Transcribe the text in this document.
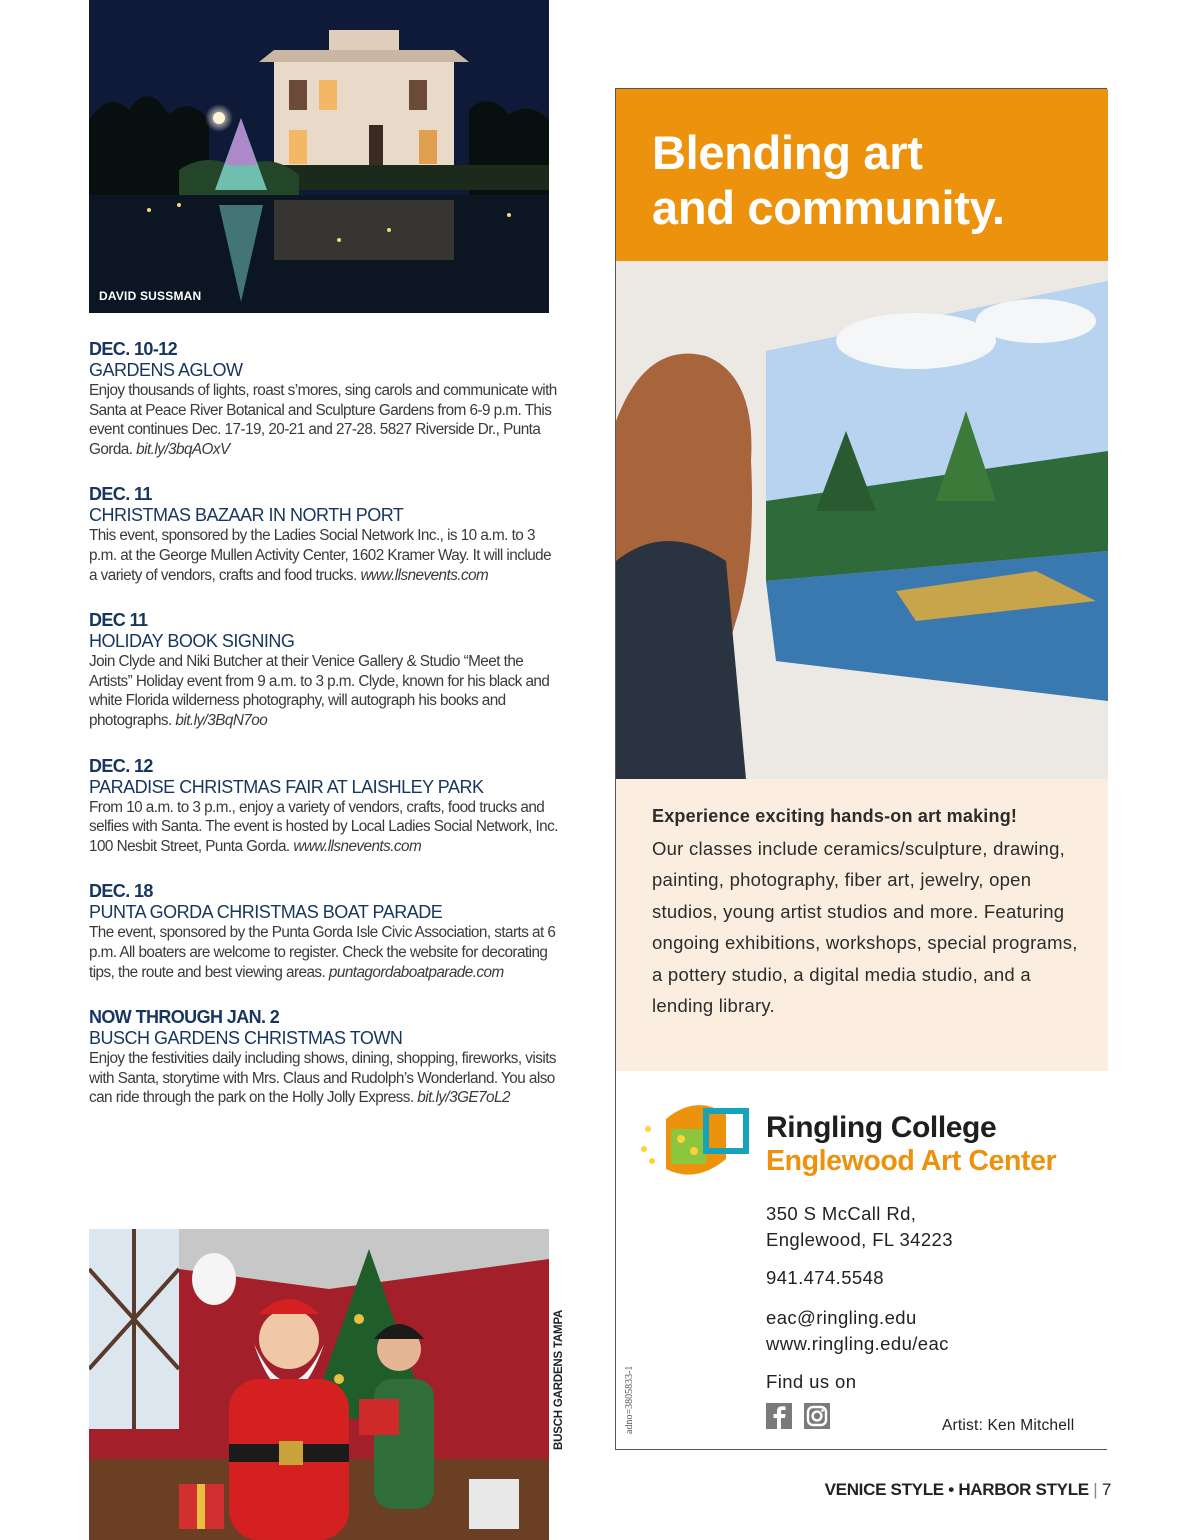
DAVID SUSSMAN
DEC. 10-12
GARDENS AGLOW
Enjoy thousands of lights, roast s’mores, sing carols and communicate with Santa at Peace River Botanical and Sculpture Gardens from 6-9 p.m. This event continues Dec. 17-19, 20-21 and 27-28. 5827 Riverside Dr., Punta Gorda. bit.ly/3bqAOxV
DEC. 11
CHRISTMAS BAZAAR IN NORTH PORT
This event, sponsored by the Ladies Social Network Inc., is 10 a.m. to 3 p.m. at the George Mullen Activity Center, 1602 Kramer Way. It will include a variety of vendors, crafts and food trucks. www.llsnevents.com
DEC 11
HOLIDAY BOOK SIGNING
Join Clyde and Niki Butcher at their Venice Gallery & Studio “Meet the Artists” Holiday event from 9 a.m. to 3 p.m. Clyde, known for his black and white Florida wilderness photography, will autograph his books and photographs. bit.ly/3BqN7oo
DEC. 12
PARADISE CHRISTMAS FAIR AT LAISHLEY PARK
From 10 a.m. to 3 p.m., enjoy a variety of vendors, crafts, food trucks and selfies with Santa. The event is hosted by Local Ladies Social Network, Inc. 100 Nesbit Street, Punta Gorda. www.llsnevents.com
DEC. 18
PUNTA GORDA CHRISTMAS BOAT PARADE
The event, sponsored by the Punta Gorda Isle Civic Association, starts at 6 p.m. All boaters are welcome to register. Check the website for decorating tips, the route and best viewing areas. puntagordaboatparade.com
NOW THROUGH JAN. 2
BUSCH GARDENS CHRISTMAS TOWN
Enjoy the festivities daily including shows, dining, shopping, fireworks, visits with Santa, storytime with Mrs. Claus and Rudolph’s Wonderland. You also can ride through the park on the Holly Jolly Express. bit.ly/3GE7oL2
BUSCH GARDENS TAMPA
Blending art
and community.
Experience exciting hands-on art making!
Our classes include ceramics/sculpture, drawing, painting, photography, fiber art, jewelry, open studios, young artist studios and more. Featuring ongoing exhibitions, workshops, special programs, a pottery studio, a digital media studio, and a lending library.
Ringling College
Englewood Art Center
350 S McCall Rd,
Englewood, FL 34223
941.474.5548
eac@ringling.edu
www.ringling.edu/eac
Find us on

Artist: Ken Mitchell
adno=3805833-1
VENICE STYLE • HARBOR STYLE | 7
